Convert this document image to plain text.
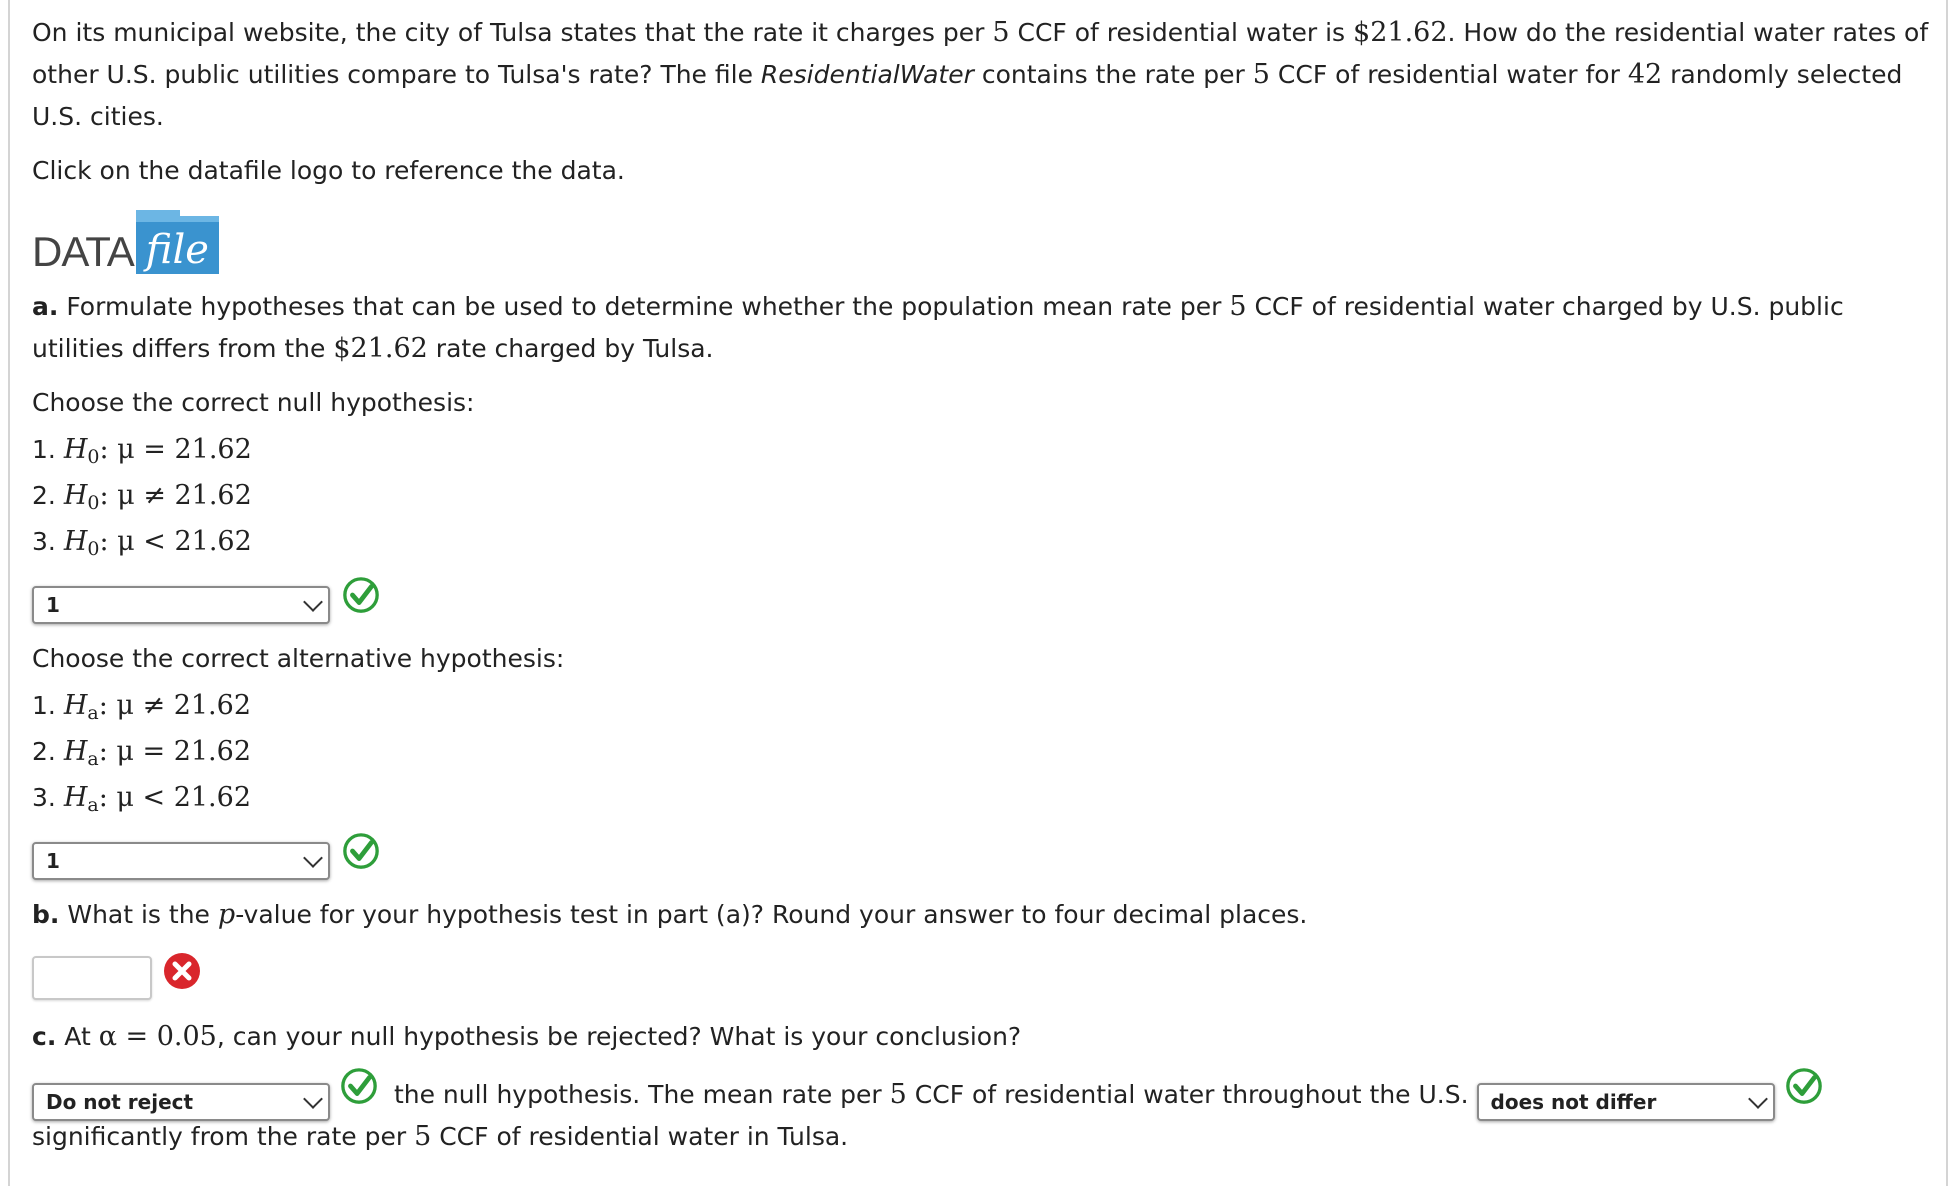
On its municipal website, the city of Tulsa states that the rate it charges per 5 CCF of residential water is $21.62. How do the residential water rates of other U.S. public utilities compare to Tulsa's rate? The file ResidentialWater contains the rate per 5 CCF of residential water for 42 randomly selected U.S. cities.

Click on the datafile logo to reference the data.

DATA file

a. Formulate hypotheses that can be used to determine whether the population mean rate per 5 CCF of residential water charged by U.S. public utilities differs from the $21.62 rate charged by Tulsa.

Choose the correct null hypothesis:

1. $H_0$: μ = 21.62

2. $H_0$: μ ≠ 21.62

3. $H_0$: μ < 21.62

1

Choose the correct alternative hypothesis:

1. $H_a$: μ ≠ 21.62

2. $H_a$: μ = 21.62

3. $H_a$: μ < 21.62

1

b. What is the p-value for your hypothesis test in part (a)? Round your answer to four decimal places.

c. At α = 0.05, can your null hypothesis be rejected? What is your conclusion?

Do not reject	the null hypothesis. The mean rate per 5 CCF of residential water throughout the U.S. does not differ
significantly from the rate per 5 CCF of residential water in Tulsa.
